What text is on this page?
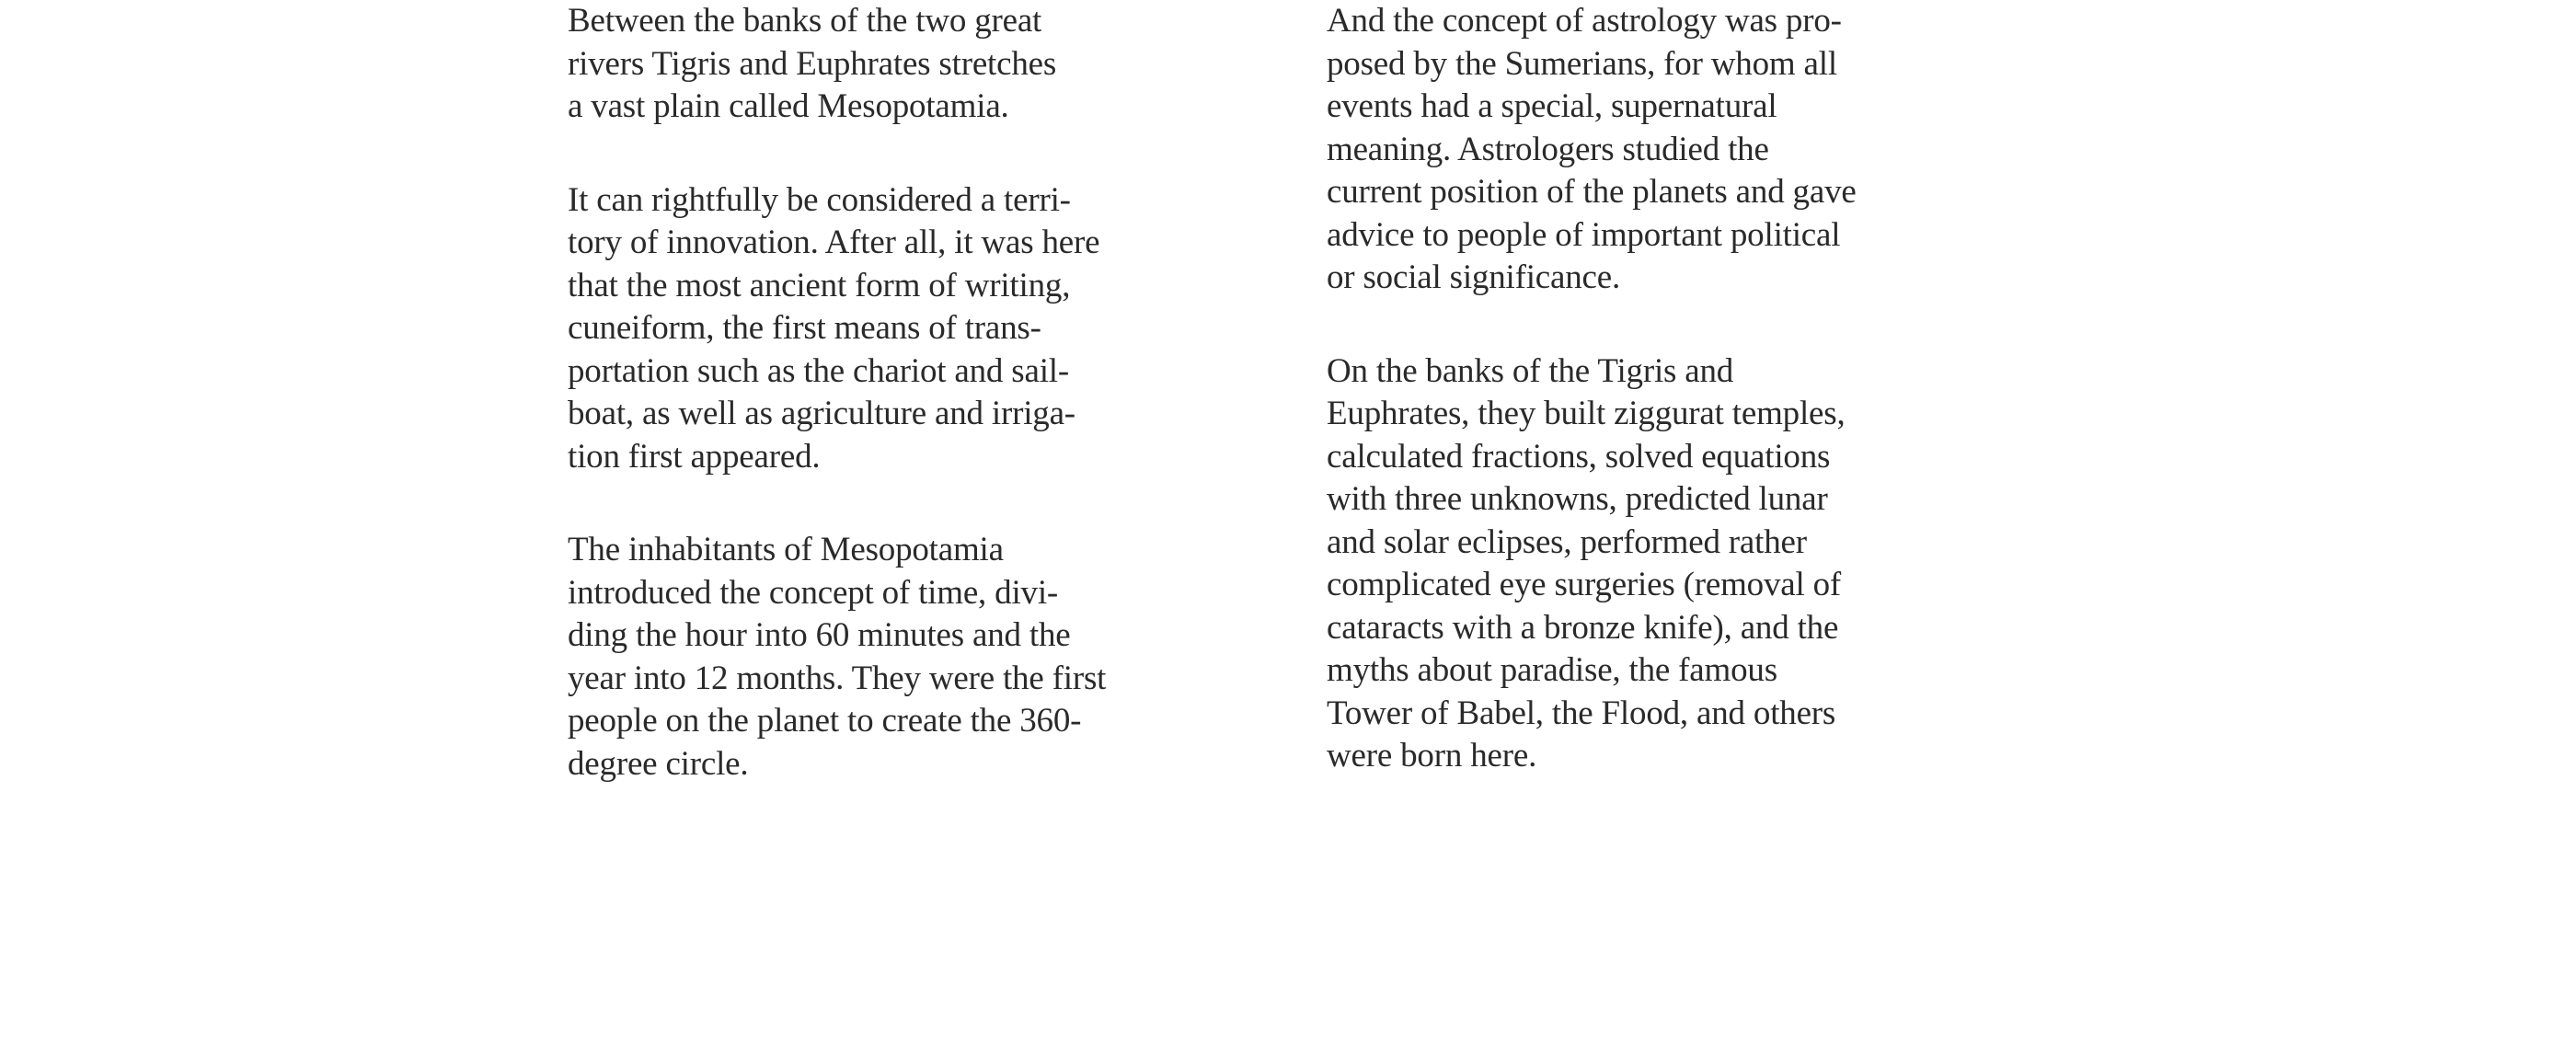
Between the banks of the two great
rivers Tigris and Euphrates stretches
a vast plain called Mesopotamia.

It can rightfully be considered a terri-
tory of innovation. After all, it was here
that the most ancient form of writing,
cuneiform, the first means of trans-
portation such as the chariot and sail-
boat, as well as agriculture and irriga-
tion first appeared.

The inhabitants of Mesopotamia
introduced the concept of time, divi-
ding the hour into 60 minutes and the
year into 12 months. They were the first
people on the planet to create the 360-
degree circle.

And the concept of astrology was pro-
posed by the Sumerians, for whom all
events had a special, supernatural
meaning. Astrologers studied the
current position of the planets and gave
advice to people of important political
or social significance.

On the banks of the Tigris and
Euphrates, they built ziggurat temples,
calculated fractions, solved equations
with three unknowns, predicted lunar
and solar eclipses, performed rather
complicated eye surgeries (removal of
cataracts with a bronze knife), and the
myths about paradise, the famous
Tower of Babel, the Flood, and others
were born here.
